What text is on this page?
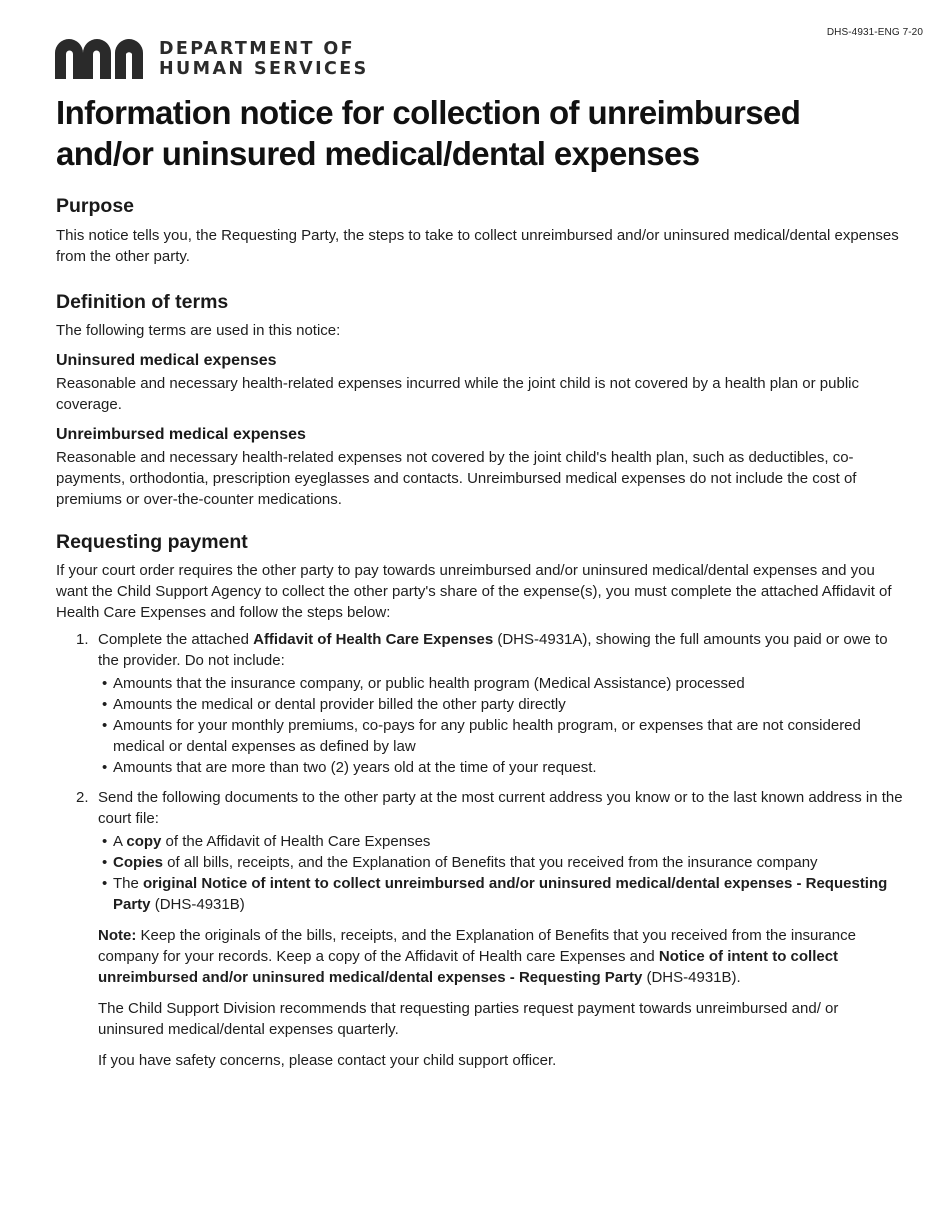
DHS-4931-ENG 7-20
DEPARTMENT OF
HUMAN SERVICES
Information notice for collection of unreimbursed
and/or uninsured medical/dental expenses
Purpose

This notice tells you, the Requesting Party, the steps to take to collect unreimbursed and/or uninsured medical/dental expenses from the other party.

Definition of terms

The following terms are used in this notice:

Uninsured medical expenses

Reasonable and necessary health-related expenses incurred while the joint child is not covered by a health plan or public coverage.

Unreimbursed medical expenses

Reasonable and necessary health-related expenses not covered by the joint child's health plan, such as deductibles, co-payments, orthodontia, prescription eyeglasses and contacts. Unreimbursed medical expenses do not include the cost of premiums or over-the-counter medications.

Requesting payment

If your court order requires the other party to pay towards unreimbursed and/or uninsured medical/dental expenses and you want the Child Support Agency to collect the other party's share of the expense(s), you must complete the attached Affidavit of Health Care Expenses and follow the steps below:

1. Complete the attached Affidavit of Health Care Expenses (DHS-4931A), showing the full amounts you paid or owe to the provider. Do not include:

• Amounts that the insurance company, or public health program (Medical Assistance) processed
• Amounts the medical or dental provider billed the other party directly
• Amounts for your monthly premiums, co-pays for any public health program, or expenses that are not considered medical or dental expenses as defined by law
• Amounts that are more than two (2) years old at the time of your request.
2. Send the following documents to the other party at the most current address you know or to the last known address in the court file:

• A copy of the Affidavit of Health Care Expenses
• Copies of all bills, receipts, and the Explanation of Benefits that you received from the insurance company
• The original Notice of intent to collect unreimbursed and/or uninsured medical/dental expenses - Requesting Party (DHS-4931B)

Note: Keep the originals of the bills, receipts, and the Explanation of Benefits that you received from the insurance company for your records. Keep a copy of the Affidavit of Health care Expenses and Notice of intent to collect unreimbursed and/or uninsured medical/dental expenses - Requesting Party (DHS-4931B).

The Child Support Division recommends that requesting parties request payment towards unreimbursed and/ or uninsured medical/dental expenses quarterly.

If you have safety concerns, please contact your child support officer.
